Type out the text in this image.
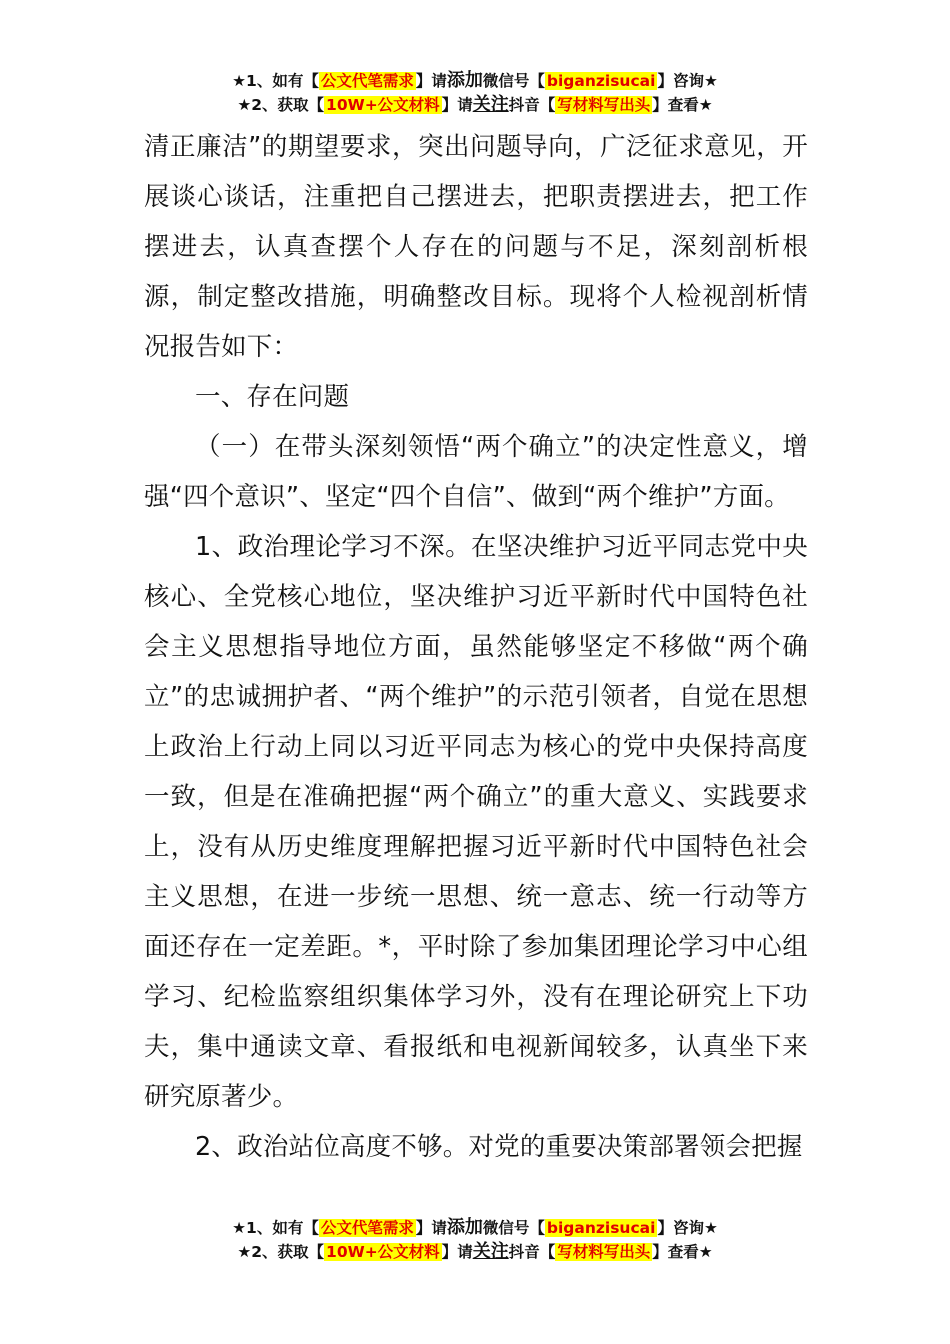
★1、如有【 公文代笔需求 】请添加微信号【 biganzisucai 】咨询★
★2、获取【 10W+公文材料 】请关注抖音【 写材料写出头 】查看★

清正廉洁”的期望要求，突出问题导向，广泛征求意见，开展谈心谈话，注重把自己摆进去，把职责摆进去，把工作摆进去，认真查摆个人存在的问题与不足，深刻剖析根源，制定整改措施，明确整改目标。现将个人检视剖析情况报告如下：

一、存在问题

（一）在带头深刻领悟“两个确立”的决定性意义，增强“四个意识”、坚定“四个自信”、做到“两个维护”方面。

1、政治理论学习不深。在坚决维护习近平同志党中央核心、全党核心地位，坚决维护习近平新时代中国特色社会主义思想指导地位方面，虽然能够坚定不移做“两个确立”的忠诚拥护者、“两个维护”的示范引领者，自觉在思想上政治上行动上同以习近平同志为核心的党中央保持高度一致，但是在准确把握“两个确立”的重大意义、实践要求上，没有从历史维度理解把握习近平新时代中国特色社会主义思想，在进一步统一思想、统一意志、统一行动等方面还存在一定差距。*，平时除了参加集团理论学习中心组学习、纪检监察组织集体学习外，没有在理论研究上下功夫，集中通读文章、看报纸和电视新闻较多，认真坐下来研究原著少。

2、政治站位高度不够。对党的重要决策部署领会把握

★1、如有【 公文代笔需求 】请添加微信号【 biganzisucai 】咨询★
★2、获取【 10W+公文材料 】请关注抖音【 写材料写出头 】查看★
